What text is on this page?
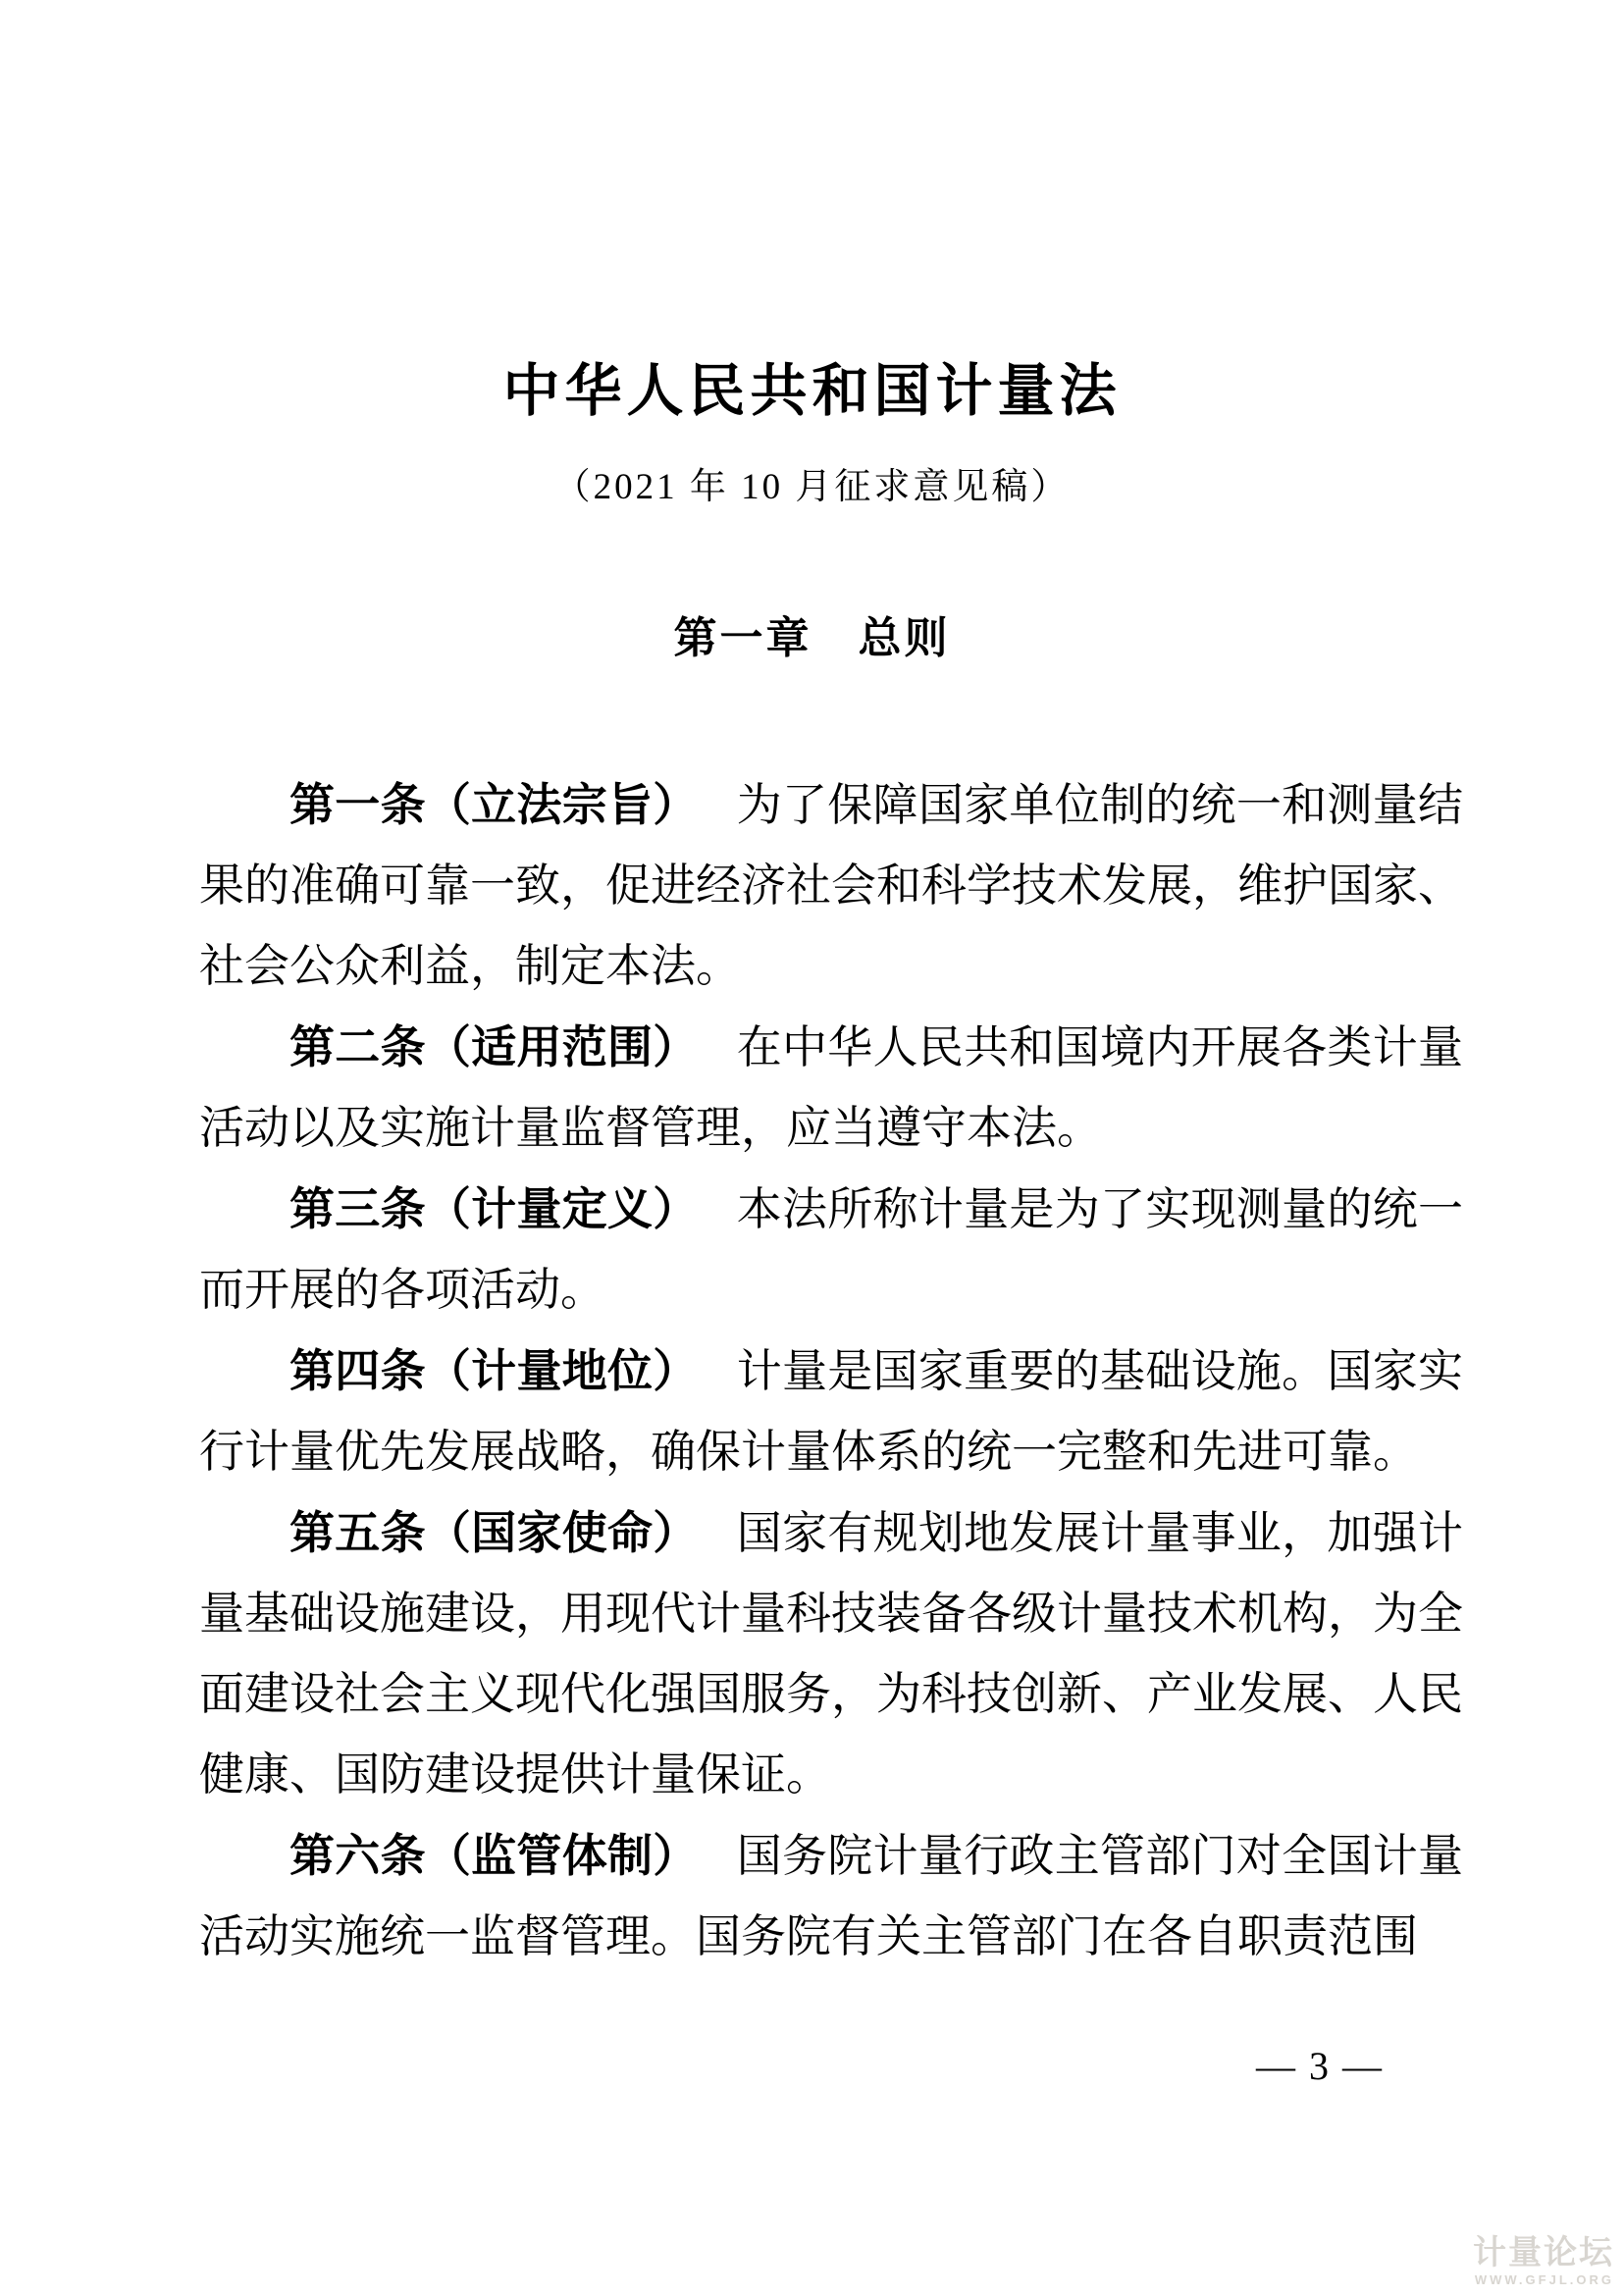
中华人民共和国计量法
（2021 年 10 月征求意见稿）
第一章　总则

第一条（立法宗旨） 为了保障国家单位制的统一和测量结果的准确可靠一致，促进经济社会和科学技术发展，维护国家、社会公众利益，制定本法。

第二条（适用范围） 在中华人民共和国境内开展各类计量活动以及实施计量监督管理，应当遵守本法。

第三条（计量定义） 本法所称计量是为了实现测量的统一而开展的各项活动。

第四条（计量地位） 计量是国家重要的基础设施。国家实行计量优先发展战略，确保计量体系的统一完整和先进可靠。

第五条（国家使命） 国家有规划地发展计量事业，加强计量基础设施建设，用现代计量科技装备各级计量技术机构，为全面建设社会主义现代化强国服务，为科技创新、产业发展、人民健康、国防建设提供计量保证。

第六条（监管体制） 国务院计量行政主管部门对全国计量活动实施统一监督管理。国务院有关主管部门在各自职责范围

— 3 —
计量论坛
WWW.GFJL.ORG
